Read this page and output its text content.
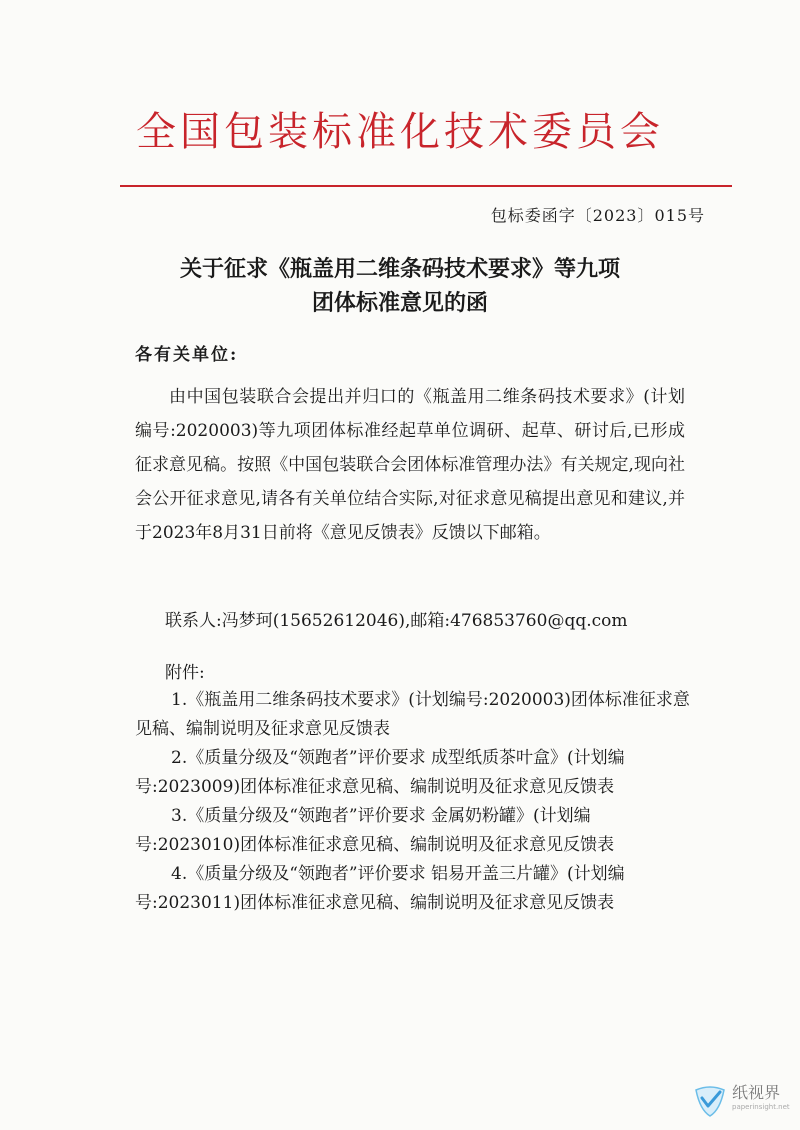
全国包装标准化技术委员会
包标委函字〔2023〕015号
关于征求《瓶盖用二维条码技术要求》等九项
团体标准意见的函
各有关单位:
由中国包装联合会提出并归口的《瓶盖用二维条码技术要求》(计划编号:2020003)等九项团体标准经起草单位调研、起草、研讨后,已形成征求意见稿。按照《中国包装联合会团体标准管理办法》有关规定,现向社会公开征求意见,请各有关单位结合实际,对征求意见稿提出意见和建议,并于2023年8月31日前将《意见反馈表》反馈以下邮箱。
联系人:冯梦珂(15652612046),邮箱:476853760@qq.com
附件:
1.《瓶盖用二维条码技术要求》(计划编号:2020003)团体标准征求意见稿、编制说明及征求意见反馈表
2.《质量分级及“领跑者”评价要求 成型纸质茶叶盒》(计划编号:2023009)团体标准征求意见稿、编制说明及征求意见反馈表
3.《质量分级及“领跑者”评价要求 金属奶粉罐》(计划编号:2023010)团体标准征求意见稿、编制说明及征求意见反馈表
4.《质量分级及“领跑者”评价要求 铝易开盖三片罐》(计划编号:2023011)团体标准征求意见稿、编制说明及征求意见反馈表
纸视界
paperinsight.net
